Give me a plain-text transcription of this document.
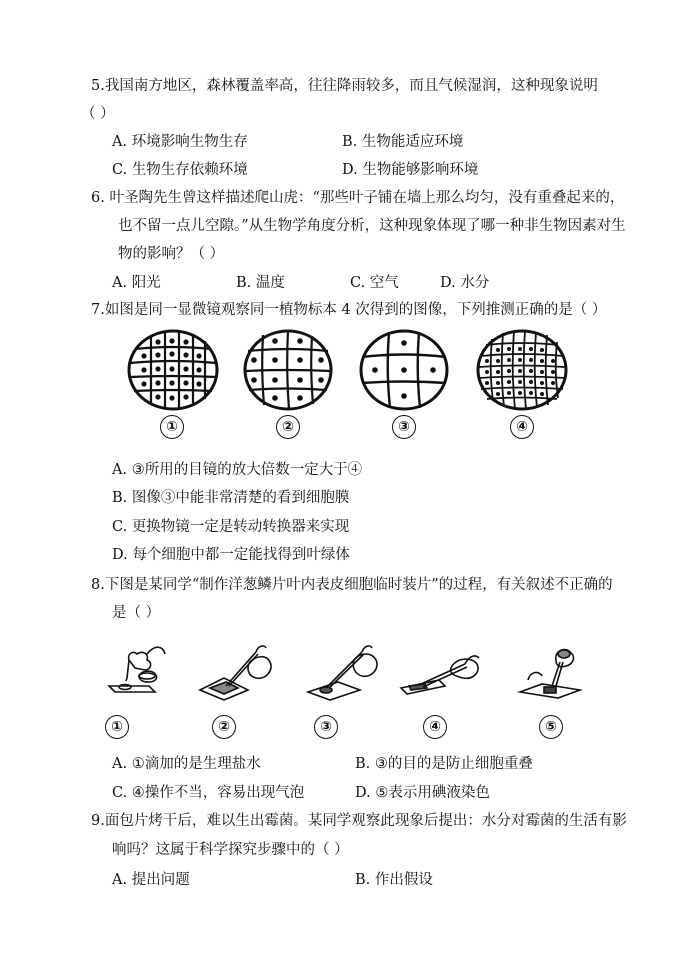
5.我国南方地区，森林覆盖率高，往往降雨较多，而且气候湿润，这种现象说明
（ ）
A. 环境影响生物生存	B. 生物能适应环境
C. 生物生存依赖环境	D. 生物能够影响环境
6. 叶圣陶先生曾这样描述爬山虎：“那些叶子铺在墙上那么均匀，没有重叠起来的，
也不留一点儿空隙。”从生物学角度分析，这种现象体现了哪一种非生物因素对生
物的影响？（ ）
A. 阳光	B. 温度	C. 空气	D. 水分
7.如图是同一显微镜观察同一植物标本 4 次得到的图像，下列推测正确的是（ ）
①	②	③	④
A. ③所用的目镜的放大倍数一定大于④
B. 图像③中能非常清楚的看到细胞膜
C. 更换物镜一定是转动转换器来实现
D. 每个细胞中都一定能找得到叶绿体
8.下图是某同学“制作洋葱鳞片叶内表皮细胞临时装片”的过程，有关叙述不正确的
是（ ）
①	②	③	④	⑤
A. ①滴加的是生理盐水	B. ③的目的是防止细胞重叠
C. ④操作不当，容易出现气泡	D. ⑤表示用碘液染色
9.面包片烤干后，难以生出霉菌。某同学观察此现象后提出：水分对霉菌的生活有影
响吗？这属于科学探究步骤中的（ ）
A. 提出问题	B. 作出假设
